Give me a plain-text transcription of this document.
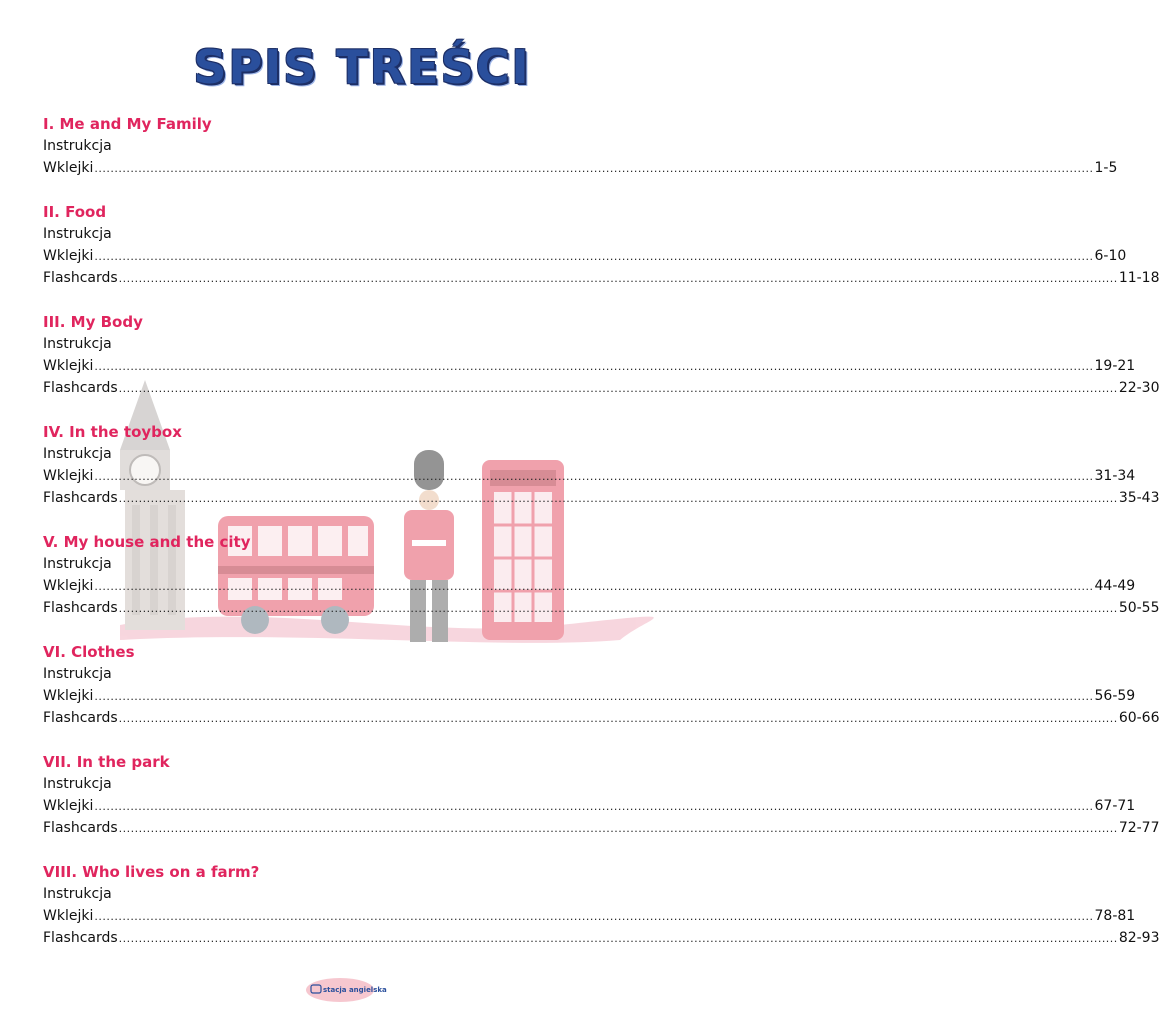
SPIS TREŚCI
I. Me and My Family
Instrukcja
Wklejki .......................................................................................................................................................................................................................................................... 1-5
II. Food
Instrukcja
Wklejki .......................................................................................................................................................................................................................................................... 6-10
Flashcards .......................................................................................................................................................................................................................................................... 11-18
III. My Body
Instrukcja
Wklejki .......................................................................................................................................................................................................................................................... 19-21
Flashcards .......................................................................................................................................................................................................................................................... 22-30
IV. In the toybox
Instrukcja
Wklejki .......................................................................................................................................................................................................................................................... 31-34
Flashcards .......................................................................................................................................................................................................................................................... 35-43
V. My house and the city
Instrukcja
Wklejki .......................................................................................................................................................................................................................................................... 44-49
Flashcards .......................................................................................................................................................................................................................................................... 50-55
VI. Clothes
Instrukcja
Wklejki .......................................................................................................................................................................................................................................................... 56-59
Flashcards .......................................................................................................................................................................................................................................................... 60-66
VII. In the park
Instrukcja
Wklejki .......................................................................................................................................................................................................................................................... 67-71
Flashcards .......................................................................................................................................................................................................................................................... 72-77
VIII. Who lives on a farm?
Instrukcja
Wklejki .......................................................................................................................................................................................................................................................... 78-81
Flashcards .......................................................................................................................................................................................................................................................... 82-93
stacja angielska
